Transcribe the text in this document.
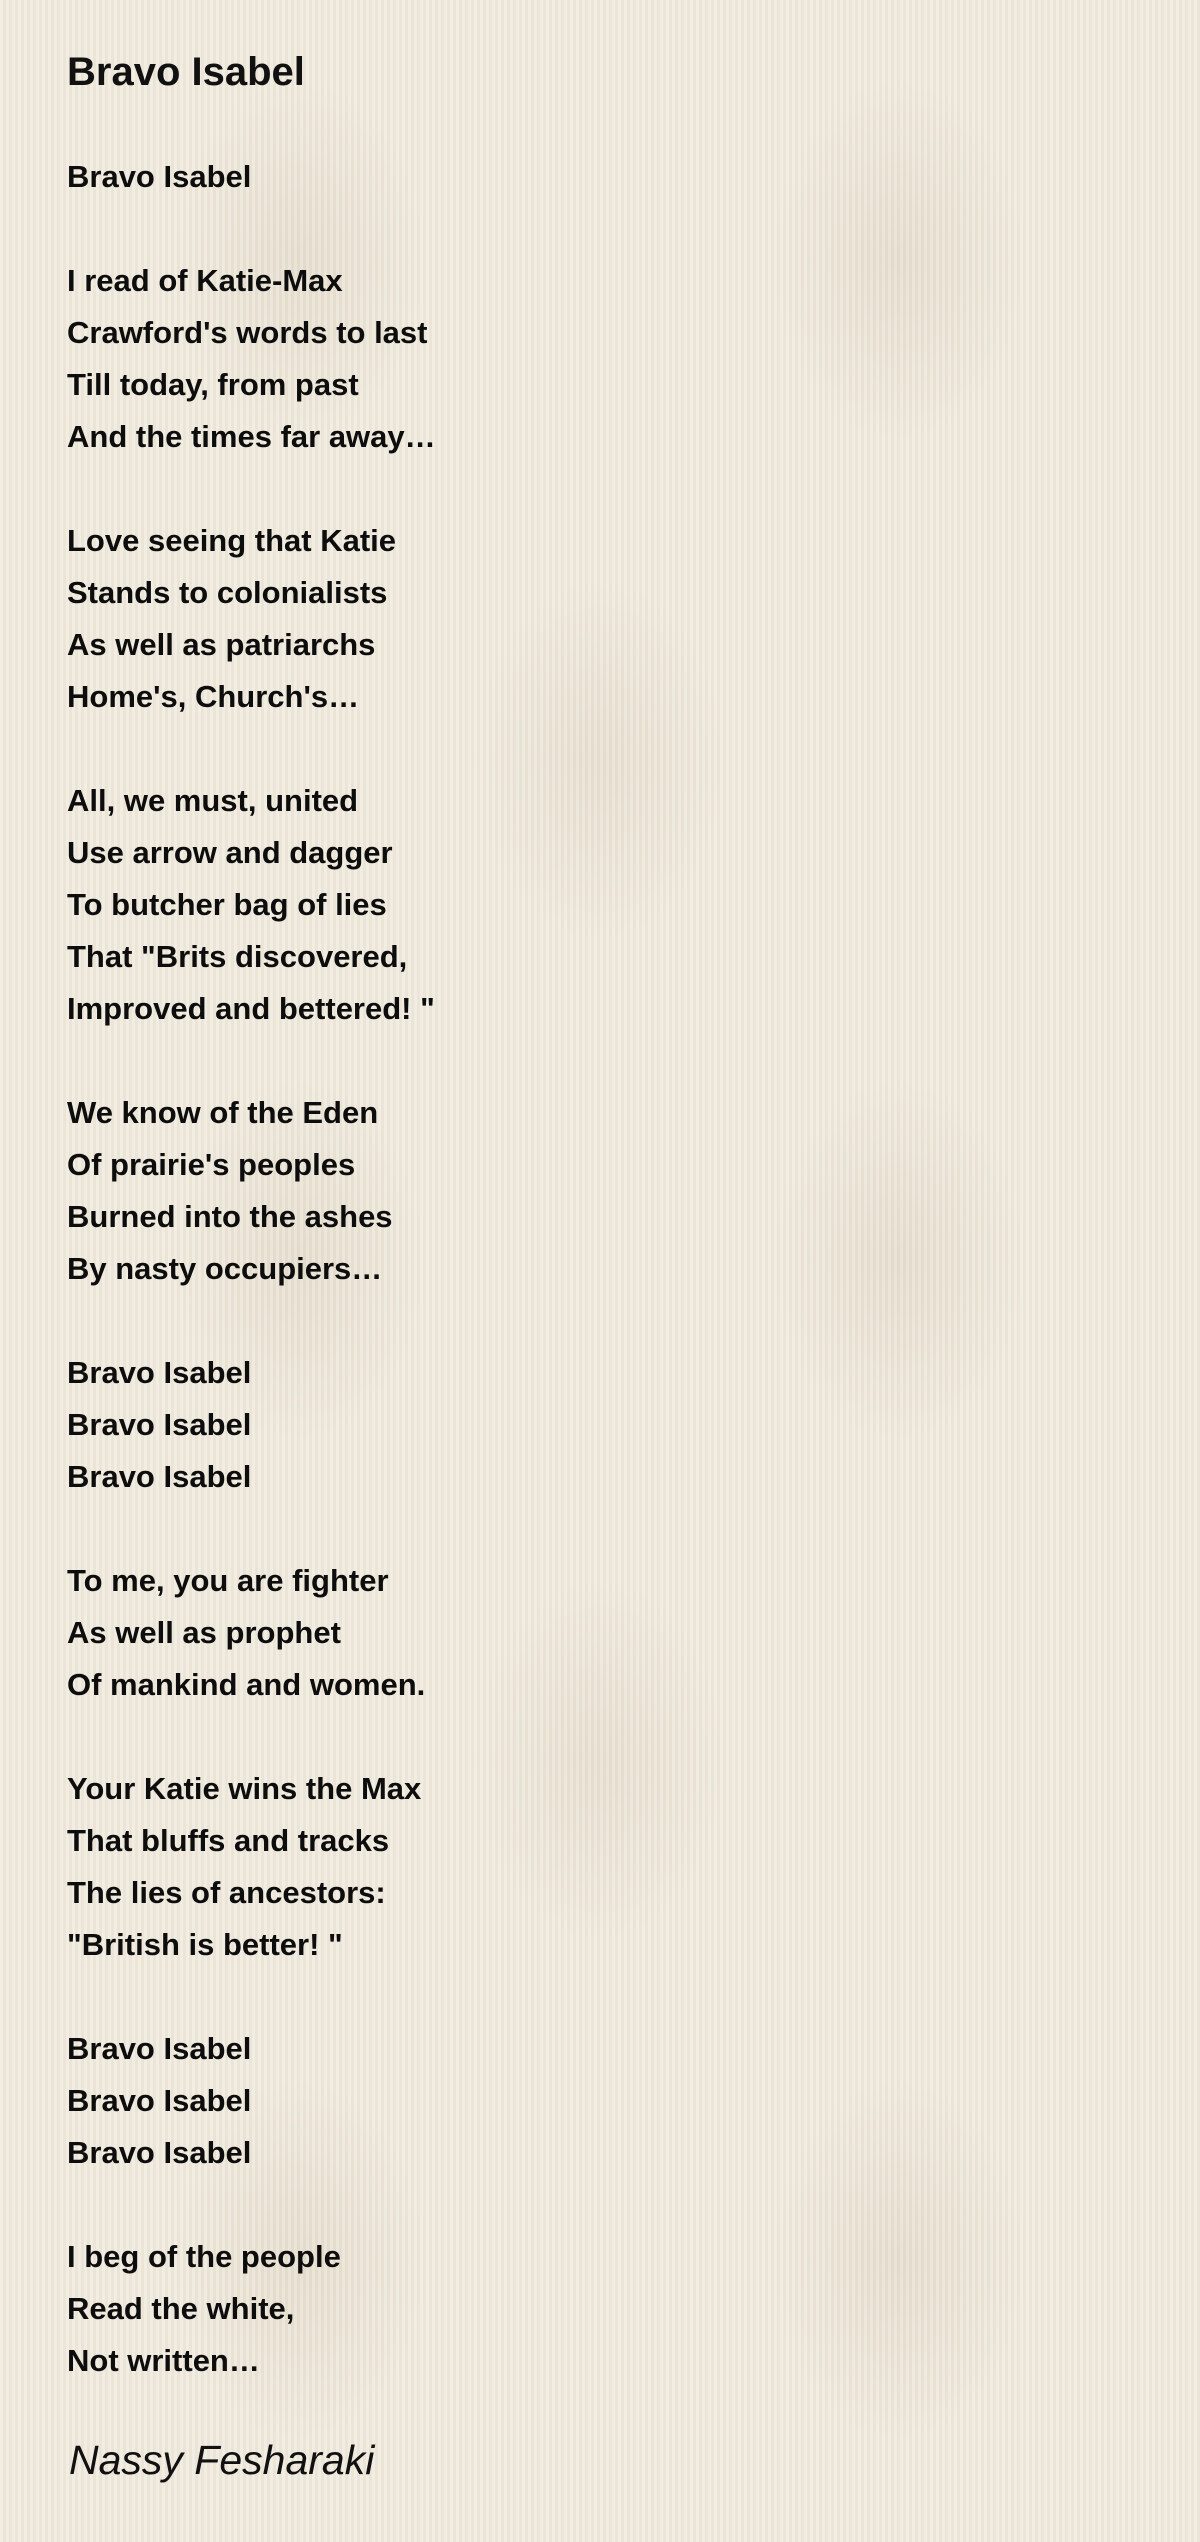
Bravo Isabel
Bravo Isabel
I read of Katie-Max
Crawford's words to last
Till today, from past
And the times far away…
Love seeing that Katie
Stands to colonialists
As well as patriarchs
Home's, Church's…
All, we must, united
Use arrow and dagger
To butcher bag of lies
That "Brits discovered,
Improved and bettered! "
We know of the Eden
Of prairie's peoples
Burned into the ashes
By nasty occupiers…
Bravo Isabel
Bravo Isabel
Bravo Isabel
To me, you are fighter
As well as prophet
Of mankind and women.
Your Katie wins the Max
That bluffs and tracks
The lies of ancestors:
"British is better! "
Bravo Isabel
Bravo Isabel
Bravo Isabel
I beg of the people
Read the white,
Not written…
Nassy Fesharaki
